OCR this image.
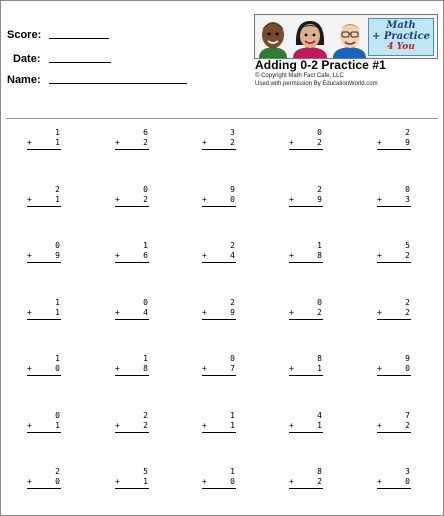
Score:
Date:
Name:
Math
+ Practice
4 You
Adding 0-2 Practice #1
© Copyright Math Fact Cafe, LLC
Used with permission By EducationWorld.com
1
+	1
6
+	2
3
+	2
0
+	2
2
+	9
2
+	1
0
+	2
9
+	0
2
+	9
0
+	3
0
+	9
1
+	6
2
+	4
1
+	8
5
+	2
1
+	1
0
+	4
2
+	9
0
+	2
2
+	2
1
+	0
1
+	8
0
+	7
8
+	1
9
+	0
0
+	1
2
+	2
1
+	1
4
+	1
7
+	2
2
+	0
5
+	1
1
+	0
8
+	2
3
+	0
